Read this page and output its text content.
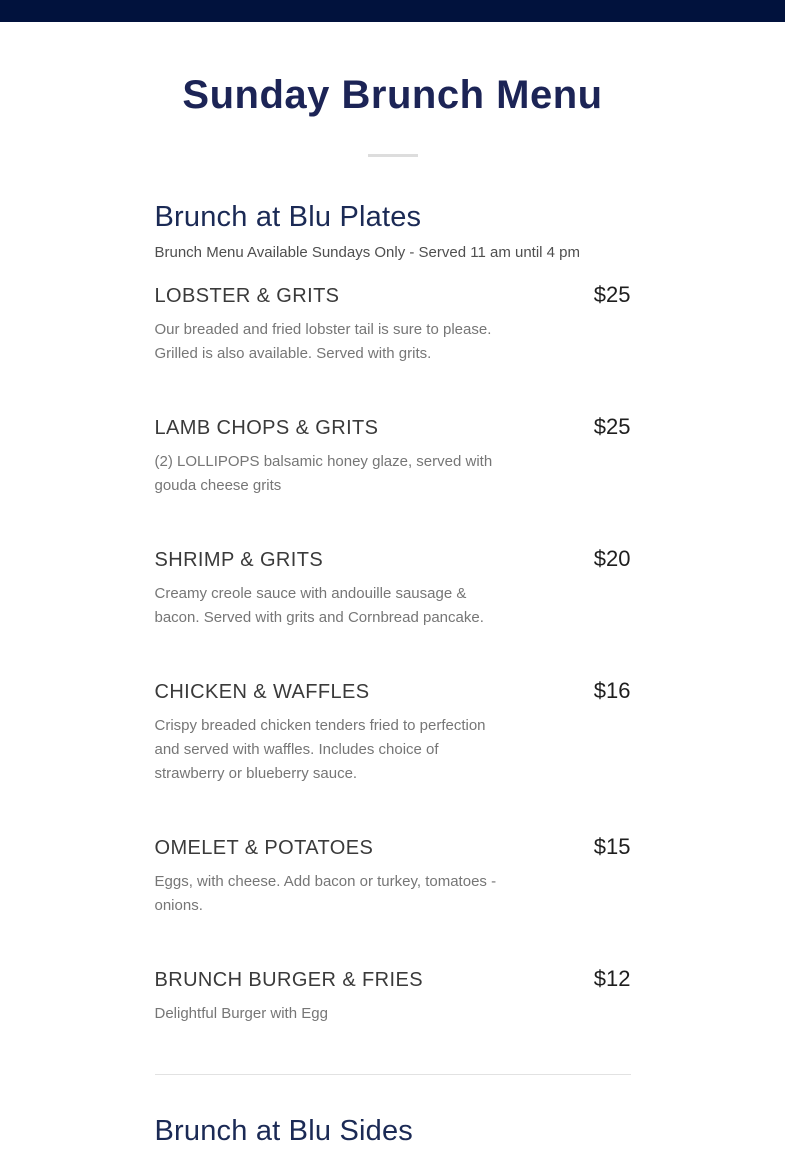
Sunday Brunch Menu
Brunch at Blu Plates

Brunch Menu Available Sundays Only - Served 11 am until 4 pm

LOBSTER & GRITS	$25

Our breaded and fried lobster tail is sure to please. Grilled is also available. Served with grits.

LAMB CHOPS & GRITS	$25

(2) LOLLIPOPS balsamic honey glaze, served with gouda cheese grits

SHRIMP & GRITS	$20

Creamy creole sauce with andouille sausage & bacon. Served with grits and Cornbread pancake.

CHICKEN & WAFFLES	$16

Crispy breaded chicken tenders fried to perfection and served with waffles. Includes choice of strawberry or blueberry sauce.

OMELET & POTATOES	$15

Eggs, with cheese. Add bacon or turkey, tomatoes - onions.

BRUNCH BURGER & FRIES	$12

Delightful Burger with Egg

Brunch at Blu Sides
